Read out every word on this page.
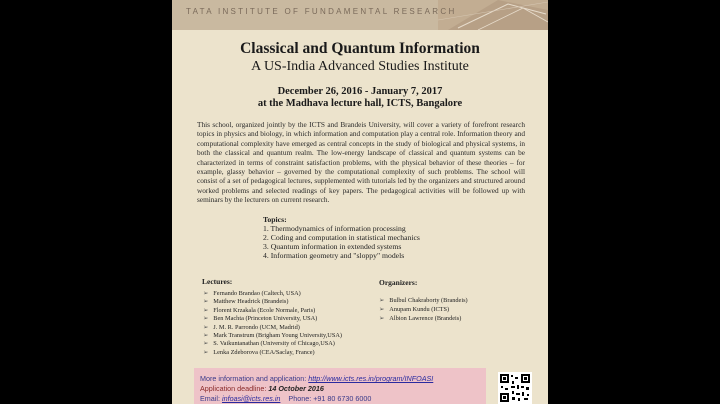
TATA INSTITUTE OF FUNDAMENTAL RESEARCH
Classical and Quantum Information
A US-India Advanced Studies Institute
December 26, 2016 - January 7, 2017
at the Madhava lecture hall, ICTS, Bangalore

This school, organized jointly by the ICTS and Brandeis University, will cover a variety of forefront research topics in physics and biology, in which information and computation play a central role. Information theory and computational complexity have emerged as central concepts in the study of biological and physical systems, in both the classical and quantum realm. The low-energy landscape of classical and quantum systems can be characterized in terms of constraint satisfaction problems, with the physical behavior of these theories – for example, glassy behavior – governed by the computational complexity of such problems. The school will consist of a set of pedagogical lectures, supplemented with tutorials led by the organizers and structured around worked problems and selected readings of key papers. The pedagogical activities will be followed up with seminars by the lecturers on current research.

Topics:
1. Thermodynamics of information processing
2. Coding and computation in statistical mechanics
3. Quantum information in extended systems
4. Information geometry and "sloppy" models
Lectures:
➢ Fernando Brandao (Caltech, USA)
➢ Matthew Headrick (Brandeis)
➢ Florent Krzakala (Ecole Normale, Paris)
➢ Ben Machta (Princeton University, USA)
➢ J. M. R. Parrondo (UCM, Madrid)
➢ Mark Transtrum (Brigham Young University,USA)
➢ S. Vaikuntanathan (University of Chicago,USA)
➢ Lenka Zdeborova (CEA/Saclay, France)
Organizers:
➢ Bulbul Chakraborty (Brandeis)
➢ Anupam Kundu (ICTS)
➢ Albion Lawrence (Brandeis)
More information and application: http://www.icts.res.in/program/INFOASI
Application deadline: 14 October 2016
Email: infoasi@icts.res.in Phone: +91 80 6730 6000
